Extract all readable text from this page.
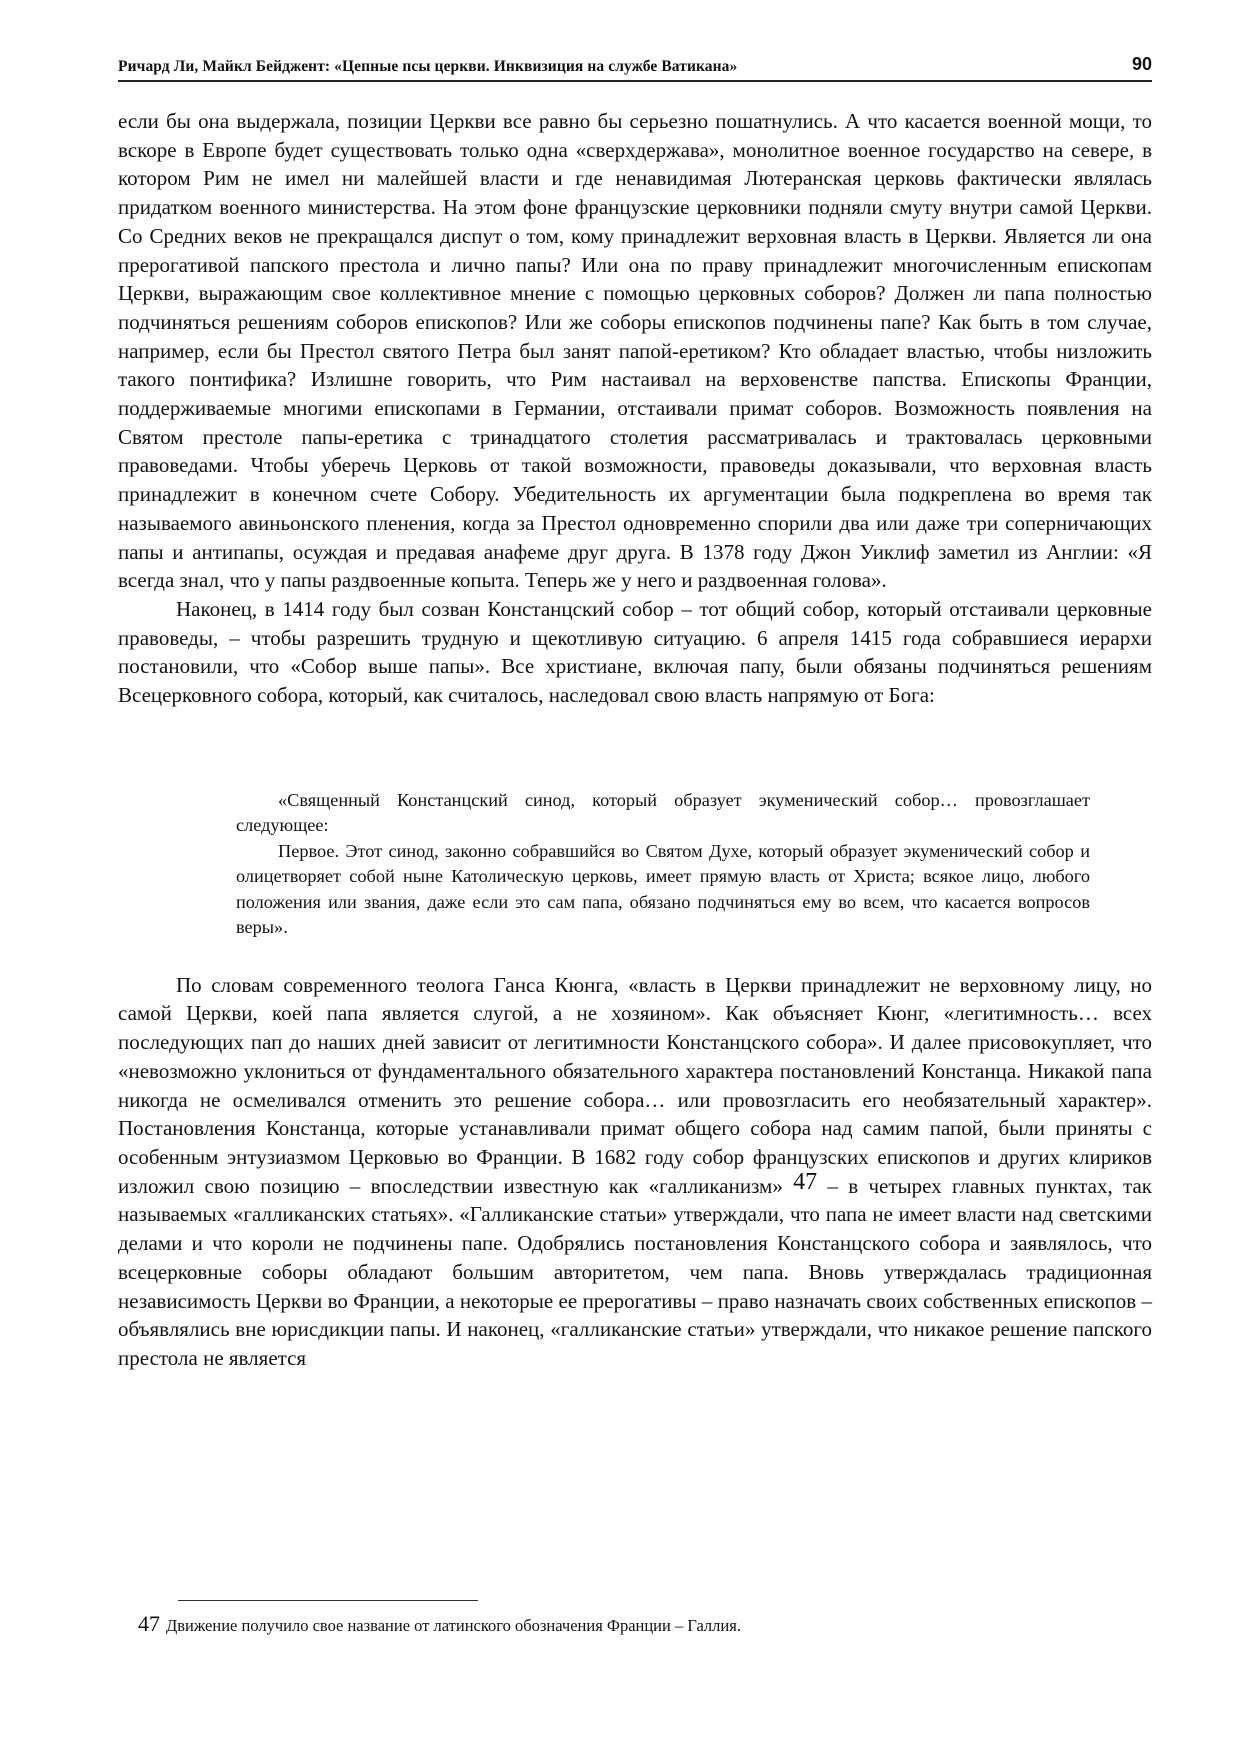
Ричард Ли, Майкл Бейджент: «Цепные псы церкви. Инквизиция на службе Ватикана»	90

если бы она выдержала, позиции Церкви все равно бы серьезно пошатнулись. А что касается военной мощи, то вскоре в Европе будет существовать только одна «сверхдержава», монолитное военное государство на севере, в котором Рим не имел ни малейшей власти и где ненавидимая Лютеранская церковь фактически являлась придатком военного министерства. На этом фоне французские церковники подняли смуту внутри самой Церкви. Со Средних веков не прекращался диспут о том, кому принадлежит верховная власть в Церкви. Является ли она прерогативой папского престола и лично папы? Или она по праву принадлежит многочисленным епископам Церкви, выражающим свое коллективное мнение с помощью церковных соборов? Должен ли папа полностью подчиняться решениям соборов епископов? Или же соборы епископов подчинены папе? Как быть в том случае, например, если бы Престол святого Петра был занят папой-еретиком? Кто обладает властью, чтобы низложить такого понтифика? Излишне говорить, что Рим настаивал на верховенстве папства. Епископы Франции, поддерживаемые многими епископами в Германии, отстаивали примат соборов. Возможность появления на Святом престоле папы-еретика с тринадцатого столетия рассматривалась и трактовалась церковными правоведами. Чтобы уберечь Церковь от такой возможности, правоведы доказывали, что верховная власть принадлежит в конечном счете Собору. Убедительность их аргументации была подкреплена во время так называемого авиньонского пленения, когда за Престол одновременно спорили два или даже три соперничающих папы и антипапы, осуждая и предавая анафеме друг друга. В 1378 году Джон Уиклиф заметил из Англии: «Я всегда знал, что у папы раздвоенные копыта. Теперь же у него и раздвоенная голова».

Наконец, в 1414 году был созван Констанцский собор – тот общий собор, который отстаивали церковные правоведы, – чтобы разрешить трудную и щекотливую ситуацию. 6 апреля 1415 года собравшиеся иерархи постановили, что «Собор выше папы». Все христиане, включая папу, были обязаны подчиняться решениям Всецерковного собора, который, как считалось, наследовал свою власть напрямую от Бога:

«Священный Констанцский синод, который образует экуменический собор… провозглашает следующее:

Первое. Этот синод, законно собравшийся во Святом Духе, который образует экуменический собор и олицетворяет собой ныне Католическую церковь, имеет прямую власть от Христа; всякое лицо, любого положения или звания, даже если это сам папа, обязано подчиняться ему во всем, что касается вопросов веры».

По словам современного теолога Ганса Кюнга, «власть в Церкви принадлежит не верховному лицу, но самой Церкви, коей папа является слугой, а не хозяином». Как объясняет Кюнг, «легитимность… всех последующих пап до наших дней зависит от легитимности Констанцского собора». И далее присовокупляет, что «невозможно уклониться от фундаментального обязательного характера постановлений Констанца. Никакой папа никогда не осмеливался отменить это решение собора… или провозгласить его необязательный характер». Постановления Констанца, которые устанавливали примат общего собора над самим папой, были приняты с особенным энтузиазмом Церковью во Франции. В 1682 году собор французских епископов и других клириков изложил свою позицию – впоследствии известную как «галликанизм» 47 – в четырех главных пунктах, так называемых «галликанских статьях». «Галликанские статьи» утверждали, что папа не имеет власти над светскими делами и что короли не подчинены папе. Одобрялись постановления Констанцского собора и заявлялось, что всецерковные соборы обладают большим авторитетом, чем папа. Вновь утверждалась традиционная независимость Церкви во Франции, а некоторые ее прерогативы – право назначать своих собственных епископов – объявлялись вне юрисдикции папы. И наконец, «галликанские статьи» утверждали, что никакое решение папского престола не является

47 Движение получило свое название от латинского обозначения Франции – Галлия.
